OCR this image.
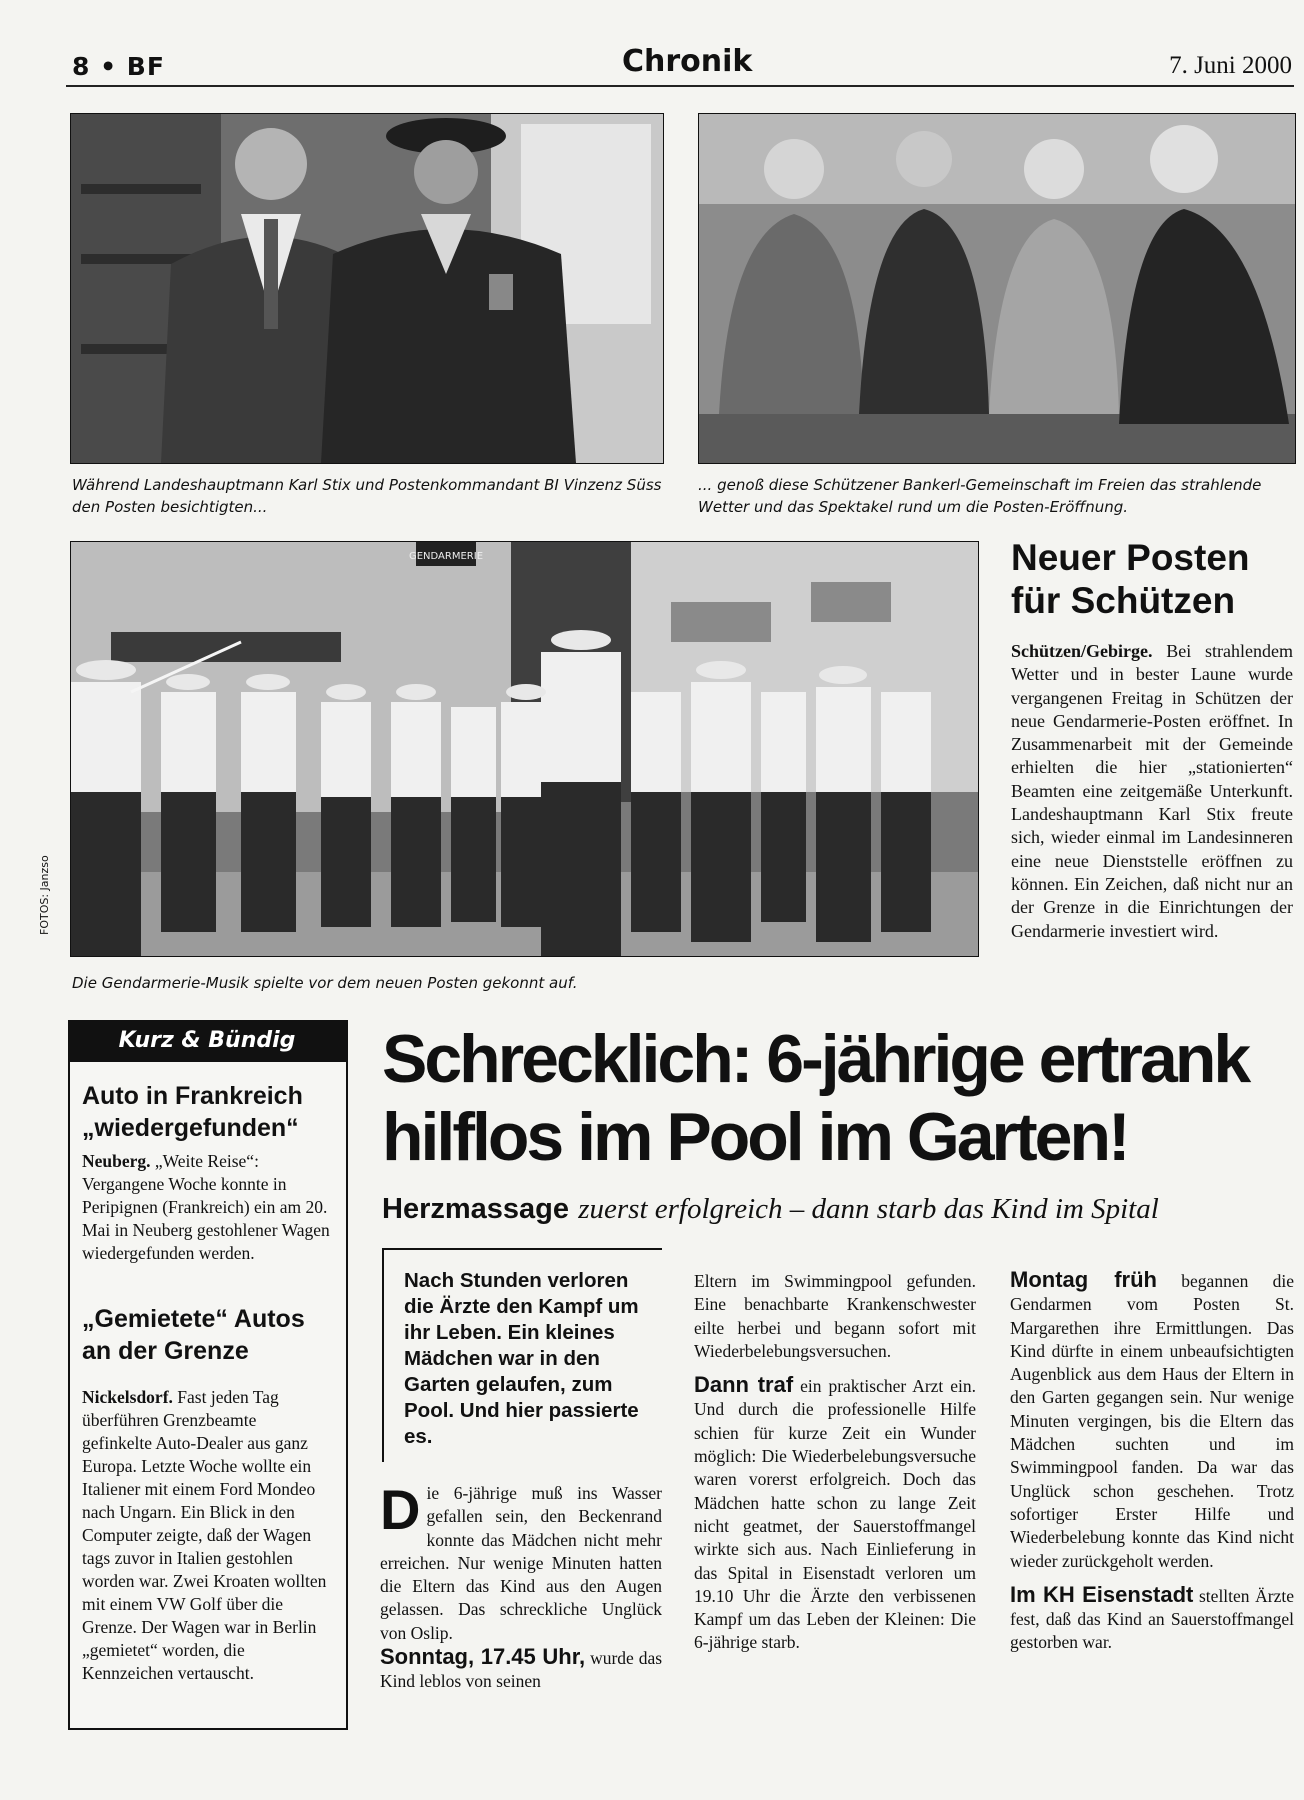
8 • BF	Chronik	7. Juni 2000
Während Landeshauptmann Karl Stix und Postenkommandant BI Vinzenz Süss den Posten besichtigten...
... genoß diese Schützener Bankerl-Gemeinschaft im Freien das strahlende Wetter und das Spektakel rund um die Posten-Eröffnung.
GENDARMERIE
FOTOS: Janzso
Die Gendarmerie-Musik spielte vor dem neuen Posten gekonnt auf.
Neuer Posten für Schützen
Schützen/Gebirge. Bei strahlendem Wetter und in bester Laune wurde vergangenen Freitag in Schützen der neue Gendarmerie-Posten eröffnet. In Zusammenarbeit mit der Gemeinde erhielten die hier „stationierten“ Beamten eine zeitgemäße Unterkunft. Landeshauptmann Karl Stix freute sich, wieder einmal im Landesinneren eine neue Dienststelle eröffnen zu können. Ein Zeichen, daß nicht nur an der Grenze in die Einrichtungen der Gendarmerie investiert wird.
Kurz & Bündig
Auto in Frankreich „wiedergefunden“
Neuberg. „Weite Reise“: Vergangene Woche konnte in Peripignen (Frankreich) ein am 20. Mai in Neuberg gestohlener Wagen wiedergefunden werden.
„Gemietete“ Autos an der Grenze
Nickelsdorf. Fast jeden Tag überführen Grenzbeamte gefinkelte Auto-Dealer aus ganz Europa. Letzte Woche wollte ein Italiener mit einem Ford Mondeo nach Ungarn. Ein Blick in den Computer zeigte, daß der Wagen tags zuvor in Italien gestohlen worden war. Zwei Kroaten wollten mit einem VW Golf über die Grenze. Der Wagen war in Berlin „gemietet“ worden, die Kennzeichen vertauscht.
Schrecklich: 6-jährige ertrank hilflos im Pool im Garten!
Herzmassage zuerst erfolgreich – dann starb das Kind im Spital
Nach Stunden verloren die Ärzte den Kampf um ihr Leben. Ein kleines Mädchen war in den Garten gelaufen, zum Pool. Und hier passierte es.
Die 6-jährige muß ins Wasser gefallen sein, den Beckenrand konnte das Mädchen nicht mehr erreichen. Nur wenige Minuten hatten die Eltern das Kind aus den Augen gelassen. Das schreckliche Unglück von Oslip.
Sonntag, 17.45 Uhr, wurde das Kind leblos von seinen
Eltern im Swimmingpool gefunden. Eine benachbarte Krankenschwester eilte herbei und begann sofort mit Wiederbelebungsversuchen.

Dann traf ein praktischer Arzt ein. Und durch die professionelle Hilfe schien für kurze Zeit ein Wunder möglich: Die Wiederbelebungsversuche waren vorerst erfolgreich. Doch das Mädchen hatte schon zu lange Zeit nicht geatmet, der Sauerstoffmangel wirkte sich aus. Nach Einlieferung in das Spital in Eisenstadt verloren um 19.10 Uhr die Ärzte den verbissenen Kampf um das Leben der Kleinen: Die 6-jährige starb.
Montag früh begannen die Gendarmen vom Posten St. Margarethen ihre Ermittlungen. Das Kind dürfte in einem unbeaufsichtigten Augenblick aus dem Haus der Eltern in den Garten gegangen sein. Nur wenige Minuten vergingen, bis die Eltern das Mädchen suchten und im Swimmingpool fanden. Da war das Unglück schon geschehen. Trotz sofortiger Erster Hilfe und Wiederbelebung konnte das Kind nicht wieder zurückgeholt werden.

Im KH Eisenstadt stellten Ärzte fest, daß das Kind an Sauerstoffmangel gestorben war.
